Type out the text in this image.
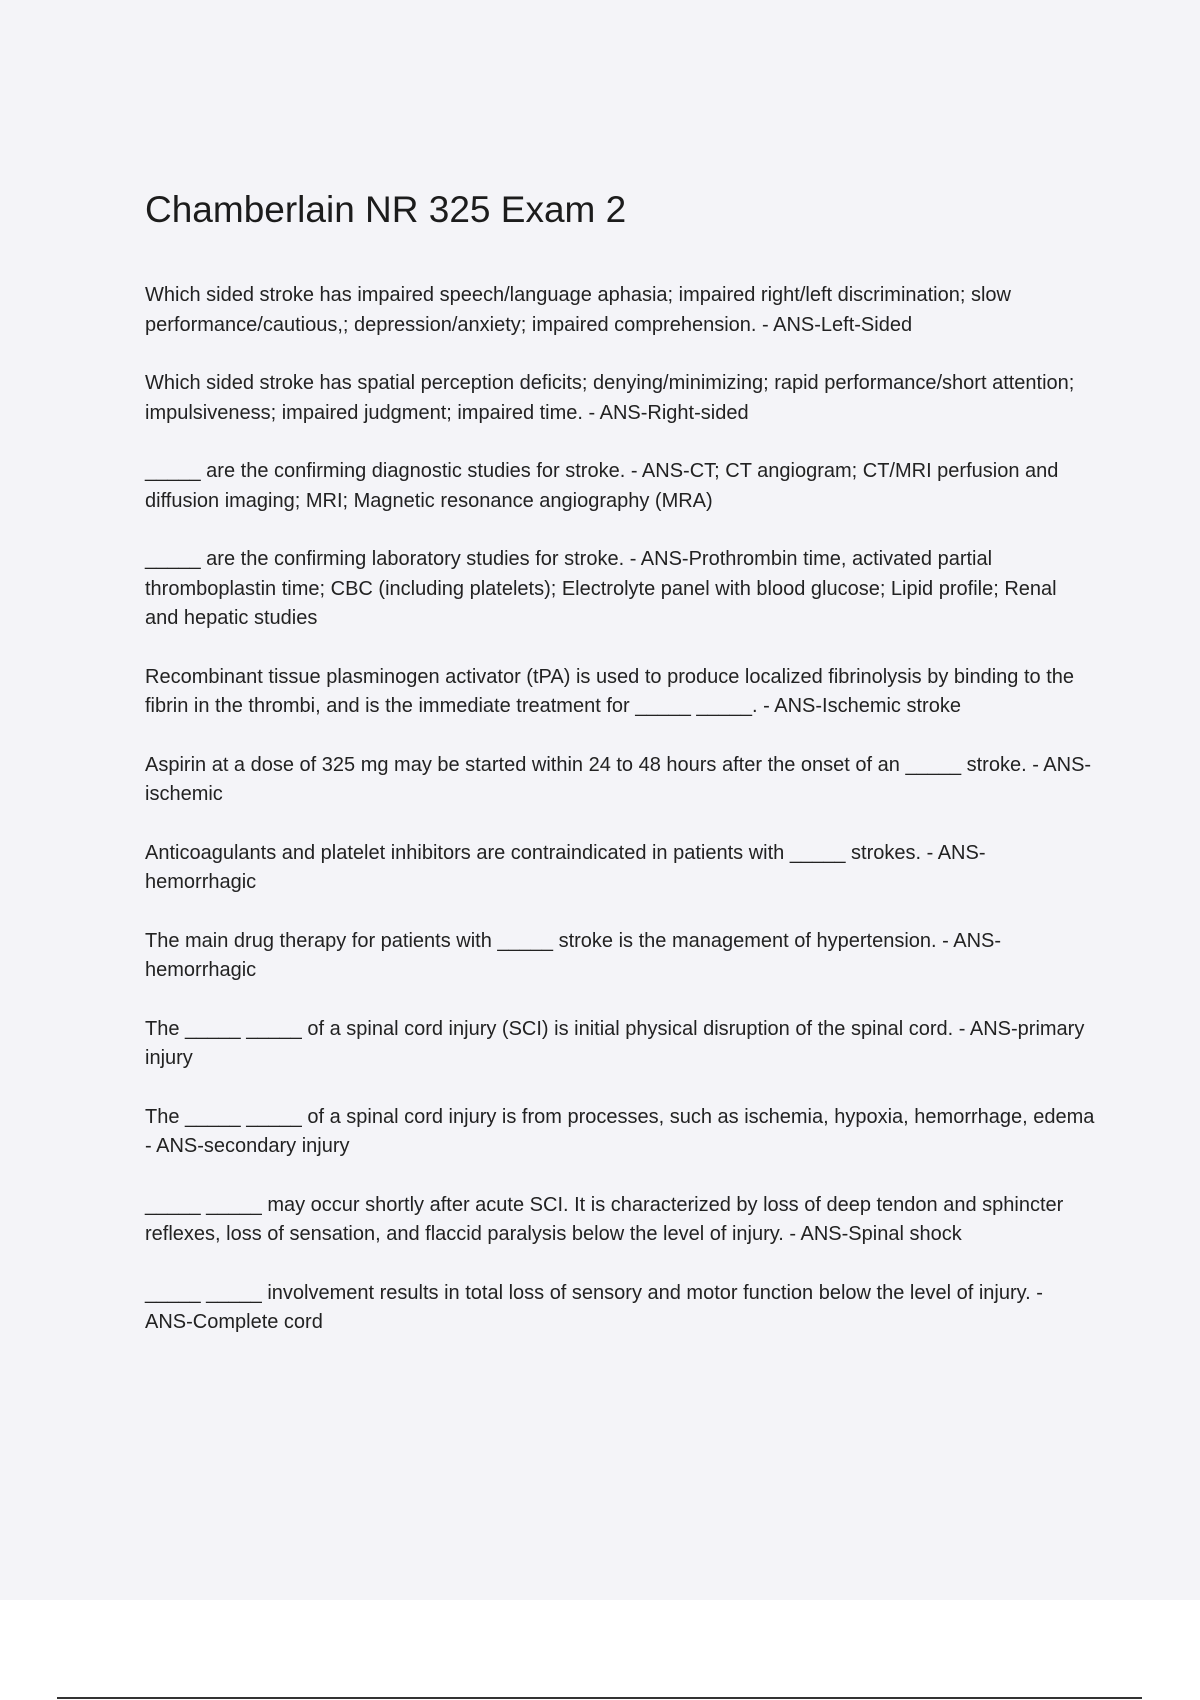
Chamberlain NR 325 Exam 2

Which sided stroke has impaired speech/language aphasia; impaired right/left discrimination; slow performance/cautious,; depression/anxiety; impaired comprehension. - ANS-Left-Sided

Which sided stroke has spatial perception deficits; denying/minimizing; rapid performance/short attention; impulsiveness; impaired judgment; impaired time. - ANS-Right-sided

_____ are the confirming diagnostic studies for stroke. - ANS-CT; CT angiogram; CT/MRI perfusion and diffusion imaging; MRI; Magnetic resonance angiography (MRA)

_____ are the confirming laboratory studies for stroke. - ANS-Prothrombin time, activated partial thromboplastin time; CBC (including platelets); Electrolyte panel with blood glucose; Lipid profile; Renal and hepatic studies

Recombinant tissue plasminogen activator (tPA) is used to produce localized fibrinolysis by binding to the fibrin in the thrombi, and is the immediate treatment for _____ _____. - ANS-Ischemic stroke

Aspirin at a dose of 325 mg may be started within 24 to 48 hours after the onset of an _____ stroke. - ANS-ischemic

Anticoagulants and platelet inhibitors are contraindicated in patients with _____ strokes. - ANS-hemorrhagic

The main drug therapy for patients with _____ stroke is the management of hypertension. - ANS-hemorrhagic

The _____ _____ of a spinal cord injury (SCI) is initial physical disruption of the spinal cord. - ANS-primary injury

The _____ _____ of a spinal cord injury is from processes, such as ischemia, hypoxia, hemorrhage, edema - ANS-secondary injury

_____ _____ may occur shortly after acute SCI. It is characterized by loss of deep tendon and sphincter reflexes, loss of sensation, and flaccid paralysis below the level of injury. - ANS-Spinal shock

_____ _____ involvement results in total loss of sensory and motor function below the level of injury. - ANS-Complete cord
